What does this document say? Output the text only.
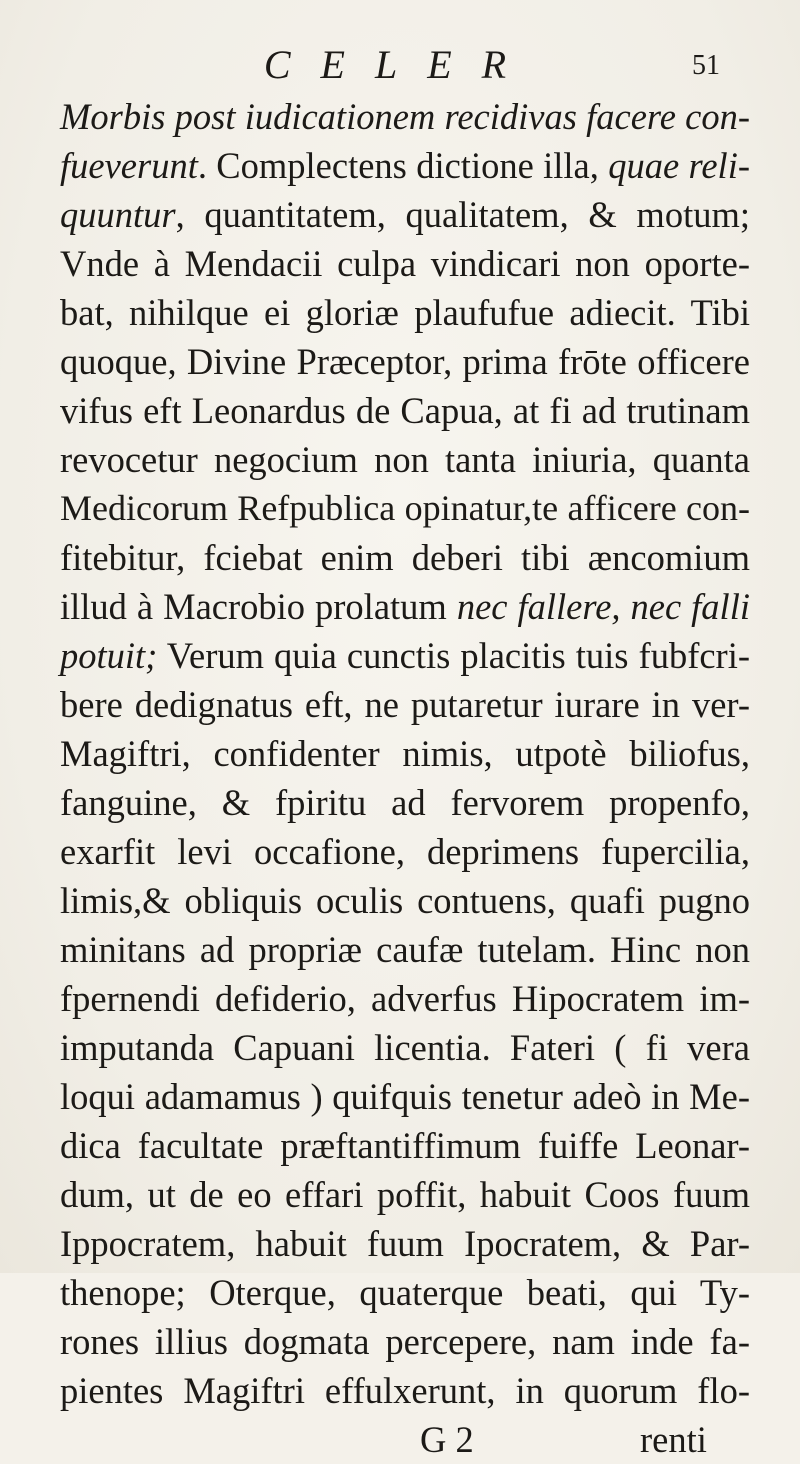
CELER	51
Morbis post iudicationem recidivas facere con-
fueverunt. Complectens dictione illa, quae reli-
quuntur, quantitatem, qualitatem, & motum;
Vnde à Mendacii culpa vindicari non oporte-
bat, nihilque ei gloriæ plaufufue adiecit. Tibi
quoque, Divine Præceptor, prima frōte officere
vifus eft Leonardus de Capua, at fi ad trutinam
revocetur negocium non tanta iniuria, quanta
Medicorum Refpublica opinatur,te afficere con-
fitebitur, fciebat enim deberi tibi æncomium
illud à Macrobio prolatum nec fallere, nec falli
potuit; Verum quia cunctis placitis tuis fubfcri-
bere dedignatus eft, ne putaretur iurare in ver-
Magiftri, confidenter nimis, utpotè biliofus,
fanguine, & fpiritu ad fervorem propenfo,
exarfit levi occafione, deprimens fupercilia,
limis,& obliquis oculis contuens, quafi pugno
minitans ad propriæ caufæ tutelam. Hinc non
fpernendi defiderio, adverfus Hipocratem im-
imputanda Capuani licentia. Fateri ( fi vera
loqui adamamus ) quifquis tenetur adeò in Me-
dica facultate præftantiffimum fuiffe Leonar-
dum, ut de eo effari poffit, habuit Coos fuum
Ippocratem, habuit fuum Ipocratem, & Par-
thenope; Oterque, quaterque beati, qui Ty-
rones illius dogmata percepere, nam inde fa-
pientes Magiftri effulxerunt, in quorum flo-
G 2	renti
